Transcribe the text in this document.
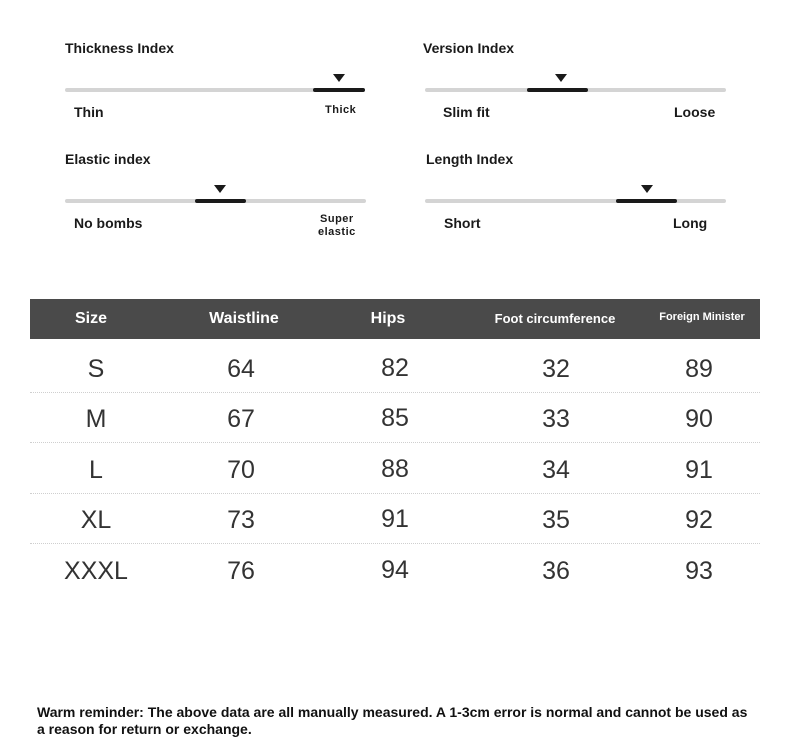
Thickness Index
Thin	Thick
Version Index
Slim fit	Loose
Elastic index
No bombs	Super
elastic
Length Index
Short	Long
Size	Waistline	Hips	Foot circumference	Foreign Minister
S	64	82	32	89
M	67	85	33	90
L	70	88	34	91
XL	73	91	35	92
XXXL	76	94	36	93
Warm reminder: The above data are all manually measured. A 1-3cm error is normal and cannot be used as a reason for return or exchange.
